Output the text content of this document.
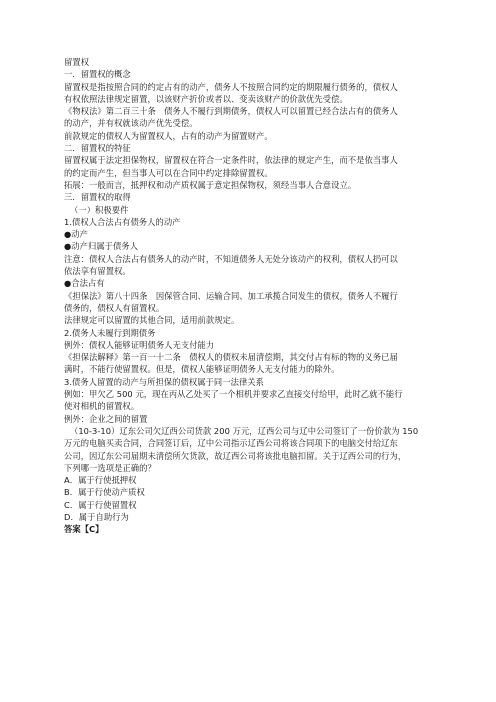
留置权
一．留置权的概念
留置权是指按照合同的约定占有的动产，债务人不按照合同约定的期限履行债务的，债权人
有权依照法律规定留置，以该财产折价或者以、变卖该财产的价款优先受偿。
《物权法》第二百三十条　债务人不履行到期债务，债权人可以留置已经合法占有的债务人
的动产，并有权就该动产优先受偿。
前款规定的债权人为留置权人，占有的动产为留置财产。
二．留置权的特征
留置权属于法定担保物权，留置权在符合一定条件时，依法律的规定产生，而不是依当事人
的约定而产生，但当事人可以在合同中约定排除留置权。
拓展：一般而言，抵押权和动产质权属于意定担保物权，须经当事人合意设立。
三．留置权的取得
（一）积极要件
1.债权人合法占有债务人的动产
●动产
●动产归属于债务人
注意：债权人合法占有债务人的动产时，不知道债务人无处分该动产的权利，债权人扔可以
依法享有留置权。
●合法占有
《担保法》第八十四条　因保管合同、运输合同、加工承揽合同发生的债权，债务人不履行
债务的，债权人有留置权。
法律规定可以留置的其他合同，适用前款规定。
2.债务人未履行到期债务
例外：债权人能够证明债务人无支付能力
《担保法解释》第一百一十二条　债权人的债权未届清偿期，其交付占有标的物的义务已届
满时，不能行使留置权。但是，债权人能够证明债务人无支付能力的除外。
3.债务人留置的动产与所担保的债权属于同一法律关系
例如：甲欠乙 500 元，现在丙从乙处买了一个相机并要求乙直接交付给甲，此时乙就不能行
使对相机的留置权。
例外：企业之间的留置
（10-3-10）辽东公司欠辽西公司货款 200 万元，辽西公司与辽中公司签订了一份价款为 150
万元的电脑买卖合同，合同签订后，辽中公司指示辽西公司将该合同项下的电脑交付给辽东
公司，因辽东公司届期未清偿所欠货款，故辽西公司将该批电脑扣留。关于辽西公司的行为，
下列哪一选项是正确的？
A．属于行使抵押权
B．属于行使动产质权
C．属于行使留置权
D．属于自助行为
答案【C】
